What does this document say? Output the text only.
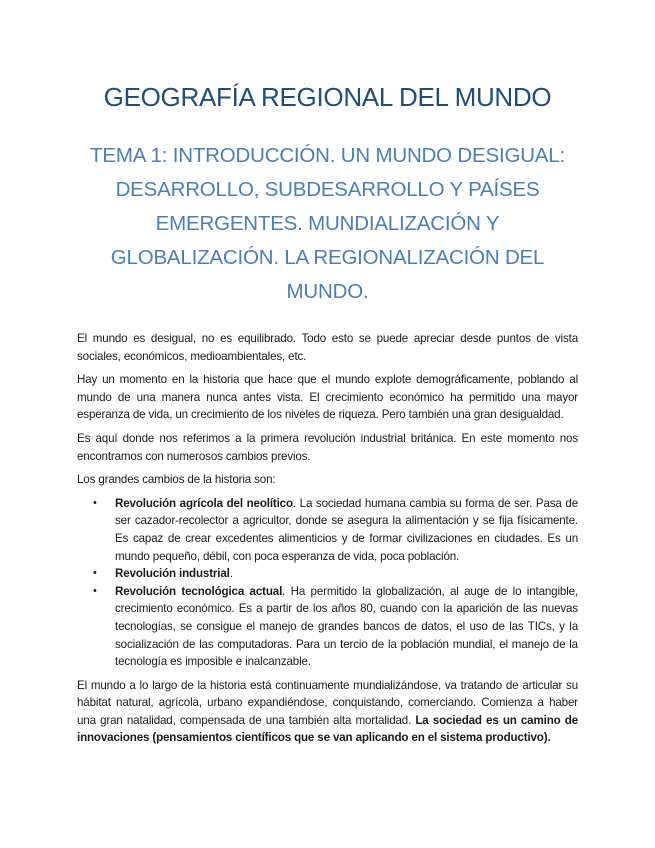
GEOGRAFÍA REGIONAL DEL MUNDO
TEMA 1: INTRODUCCIÓN. UN MUNDO DESIGUAL: DESARROLLO, SUBDESARROLLO Y PAÍSES EMERGENTES. MUNDIALIZACIÓN Y GLOBALIZACIÓN. LA REGIONALIZACIÓN DEL MUNDO.

El mundo es desigual, no es equilibrado. Todo esto se puede apreciar desde puntos de vista sociales, económicos, medioambientales, etc.

Hay un momento en la historia que hace que el mundo explote demográficamente, poblando al mundo de una manera nunca antes vista. El crecimiento económico ha permitido una mayor esperanza de vida, un crecimiento de los niveles de riqueza. Pero también una gran desigualdad.

Es aquí donde nos referimos a la primera revolución industrial británica. En este momento nos encontramos con numerosos cambios previos.

Los grandes cambios de la historia son:

• Revolución agrícola del neolítico. La sociedad humana cambia su forma de ser. Pasa de ser cazador-recolector a agricultor, donde se asegura la alimentación y se fija físicamente. Es capaz de crear excedentes alimenticios y de formar civilizaciones en ciudades. Es un mundo pequeño, débil, con poca esperanza de vida, poca población.
• Revolución industrial.
• Revolución tecnológica actual. Ha permitido la globalización, al auge de lo intangible, crecimiento económico. Es a partir de los años 80, cuando con la aparición de las nuevas tecnologías, se consigue el manejo de grandes bancos de datos, el uso de las TICs, y la socialización de las computadoras. Para un tercio de la población mundial, el manejo de la tecnología es imposible e inalcanzable.

El mundo a lo largo de la historia está continuamente mundializándose, va tratando de articular su hábitat natural, agrícola, urbano expandiéndose, conquistando, comerciando. Comienza a haber una gran natalidad, compensada de una también alta mortalidad. La sociedad es un camino de innovaciones (pensamientos científicos que se van aplicando en el sistema productivo).
